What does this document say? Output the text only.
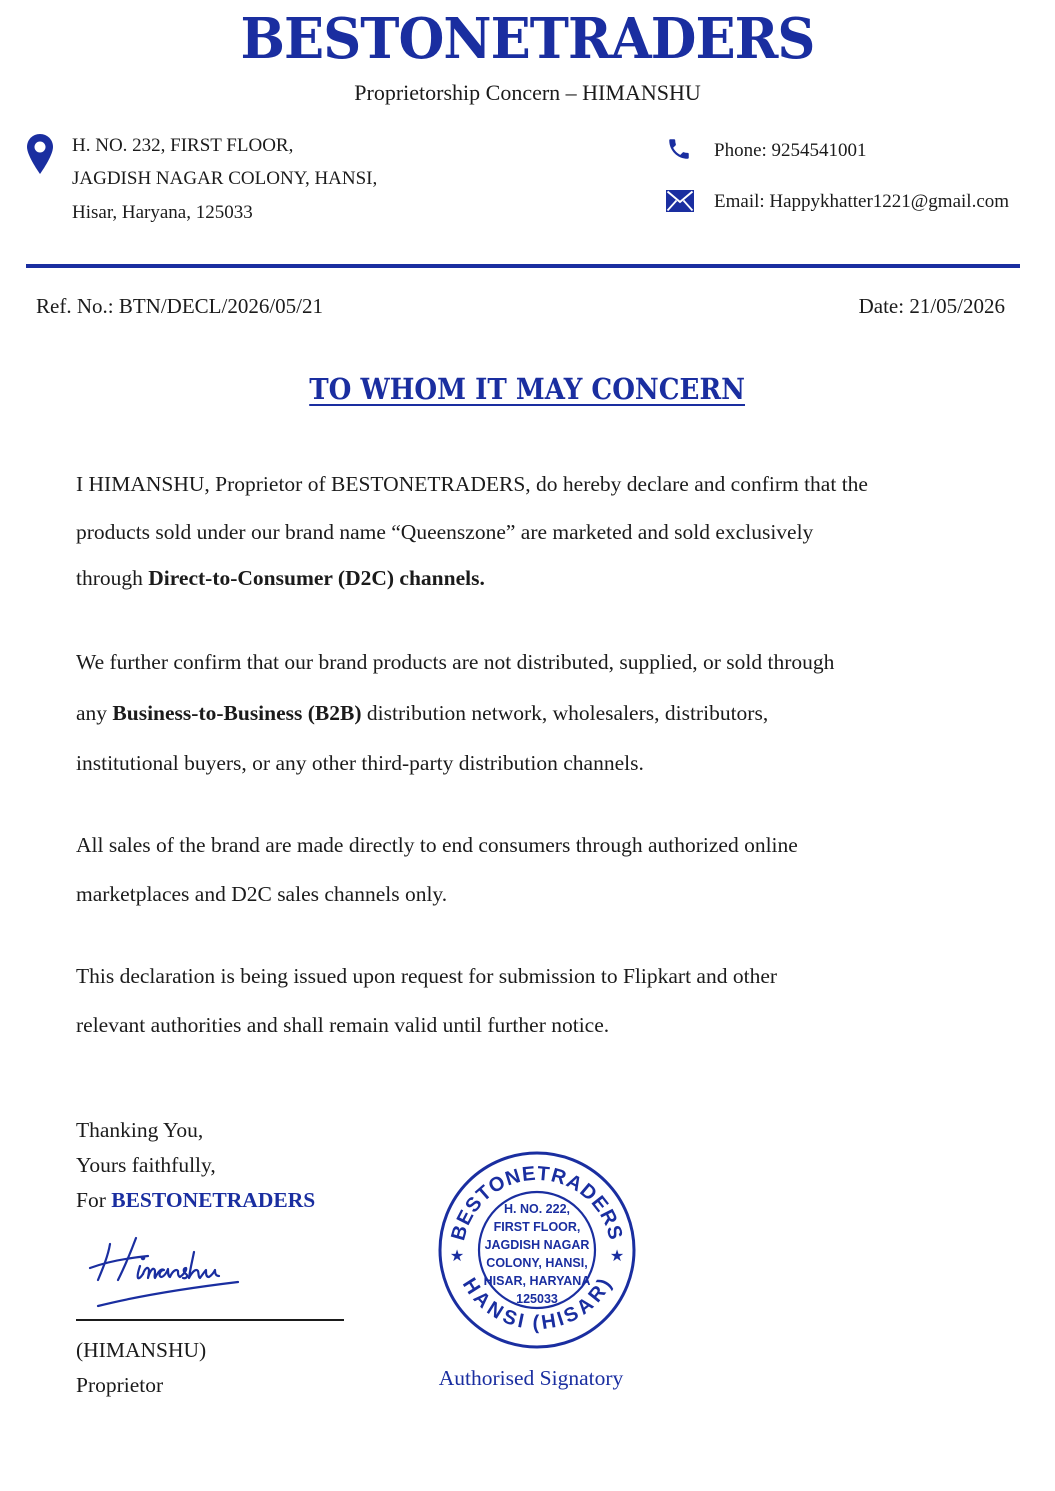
BESTONETRADERS
Proprietorship Concern – HIMANSHU
H. NO. 232, FIRST FLOOR,
JAGDISH NAGAR COLONY, HANSI,
Hisar, Haryana, 125033
Phone: 9254541001
Email: Happykhatter1221@gmail.com
Ref. No.: BTN/DECL/2026/05/21	Date: 21/05/2026
TO WHOM IT MAY CONCERN
I HIMANSHU, Proprietor of BESTONETRADERS, do hereby declare and confirm that the
products sold under our brand name “Queenszone” are marketed and sold exclusively
through Direct-to-Consumer (D2C) channels.
We further confirm that our brand products are not distributed, supplied, or sold through
any Business-to-Business (B2B) distribution network, wholesalers, distributors,
institutional buyers, or any other third-party distribution channels.
All sales of the brand are made directly to end consumers through authorized online
marketplaces and D2C sales channels only.
This declaration is being issued upon request for submission to Flipkart and other
relevant authorities and shall remain valid until further notice.
Thanking You,
Yours faithfully,
For BESTONETRADERS
(HIMANSHU)
Proprietor
BESTONETRADERS
HANSI (HISAR)
★	★
H. NO. 222,
FIRST FLOOR,
JAGDISH NAGAR
COLONY, HANSI,
HISAR, HARYANA
125033
Authorised Signatory
